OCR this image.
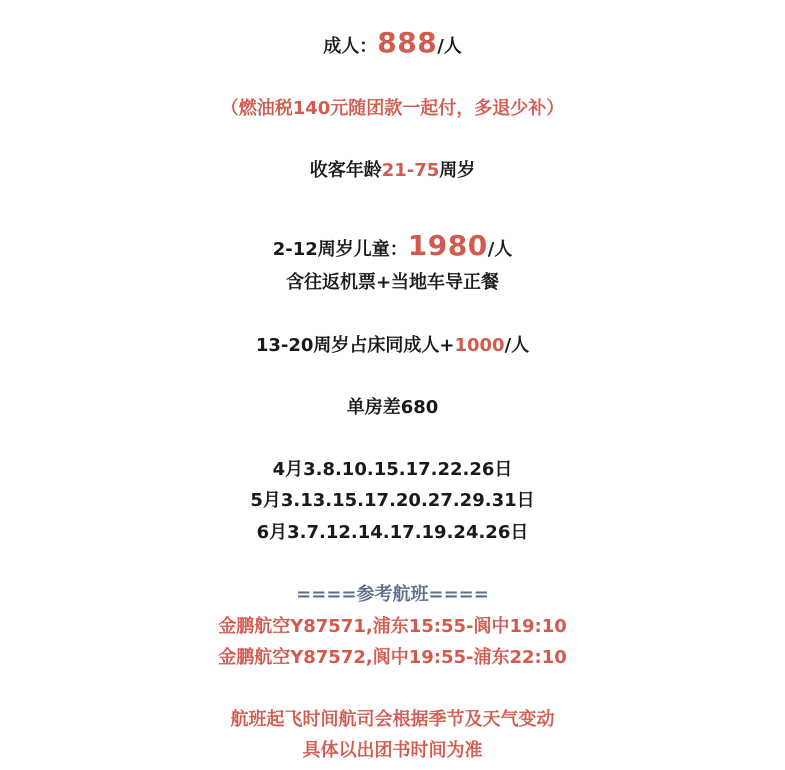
成人：888/人
（燃油税140元随团款一起付，多退少补）
收客年龄21-75周岁
2-12周岁儿童：1980/人
含往返机票+当地车导正餐
13-20周岁占床同成人+1000/人
单房差680
4月3.8.10.15.17.22.26日
5月3.13.15.17.20.27.29.31日
6月3.7.12.14.17.19.24.26日
====参考航班====
金鹏航空Y87571,浦东15:55-阆中19:10
金鹏航空Y87572,阆中19:55-浦东22:10
航班起飞时间航司会根据季节及天气变动
具体以出团书时间为准
